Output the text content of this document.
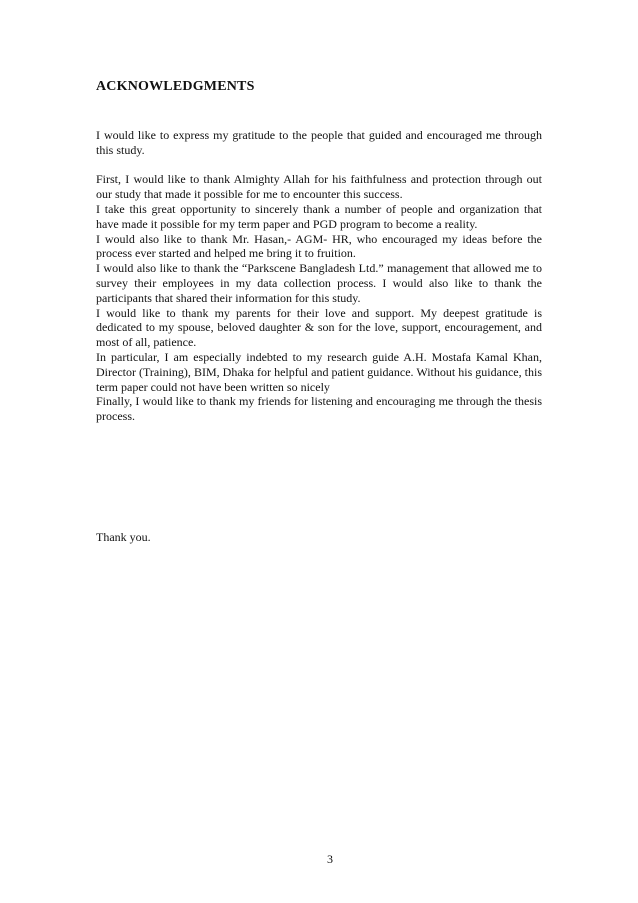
ACKNOWLEDGMENTS

I would like to express my gratitude to the people that guided and encouraged me through this study.

First, I would like to thank Almighty Allah for his faithfulness and protection through out our study that made it possible for me to encounter this success.

I take this great opportunity to sincerely thank a number of people and organization that have made it possible for my term paper and PGD program to become a reality.

I would also like to thank Mr. Hasan,- AGM- HR, who encouraged my ideas before the process ever started and helped me bring it to fruition.

I would also like to thank the “Parkscene Bangladesh Ltd.” management that allowed me to survey their employees in my data collection process. I would also like to thank the participants that shared their information for this study.

I would like to thank my parents for their love and support. My deepest gratitude is dedicated to my spouse, beloved daughter & son for the love, support, encouragement, and most of all, patience.

In particular, I am especially indebted to my research guide A.H. Mostafa Kamal Khan, Director (Training), BIM, Dhaka for helpful and patient guidance. Without his guidance, this term paper could not have been written so nicely

Finally, I would like to thank my friends for listening and encouraging me through the thesis process.

Thank you.

3
